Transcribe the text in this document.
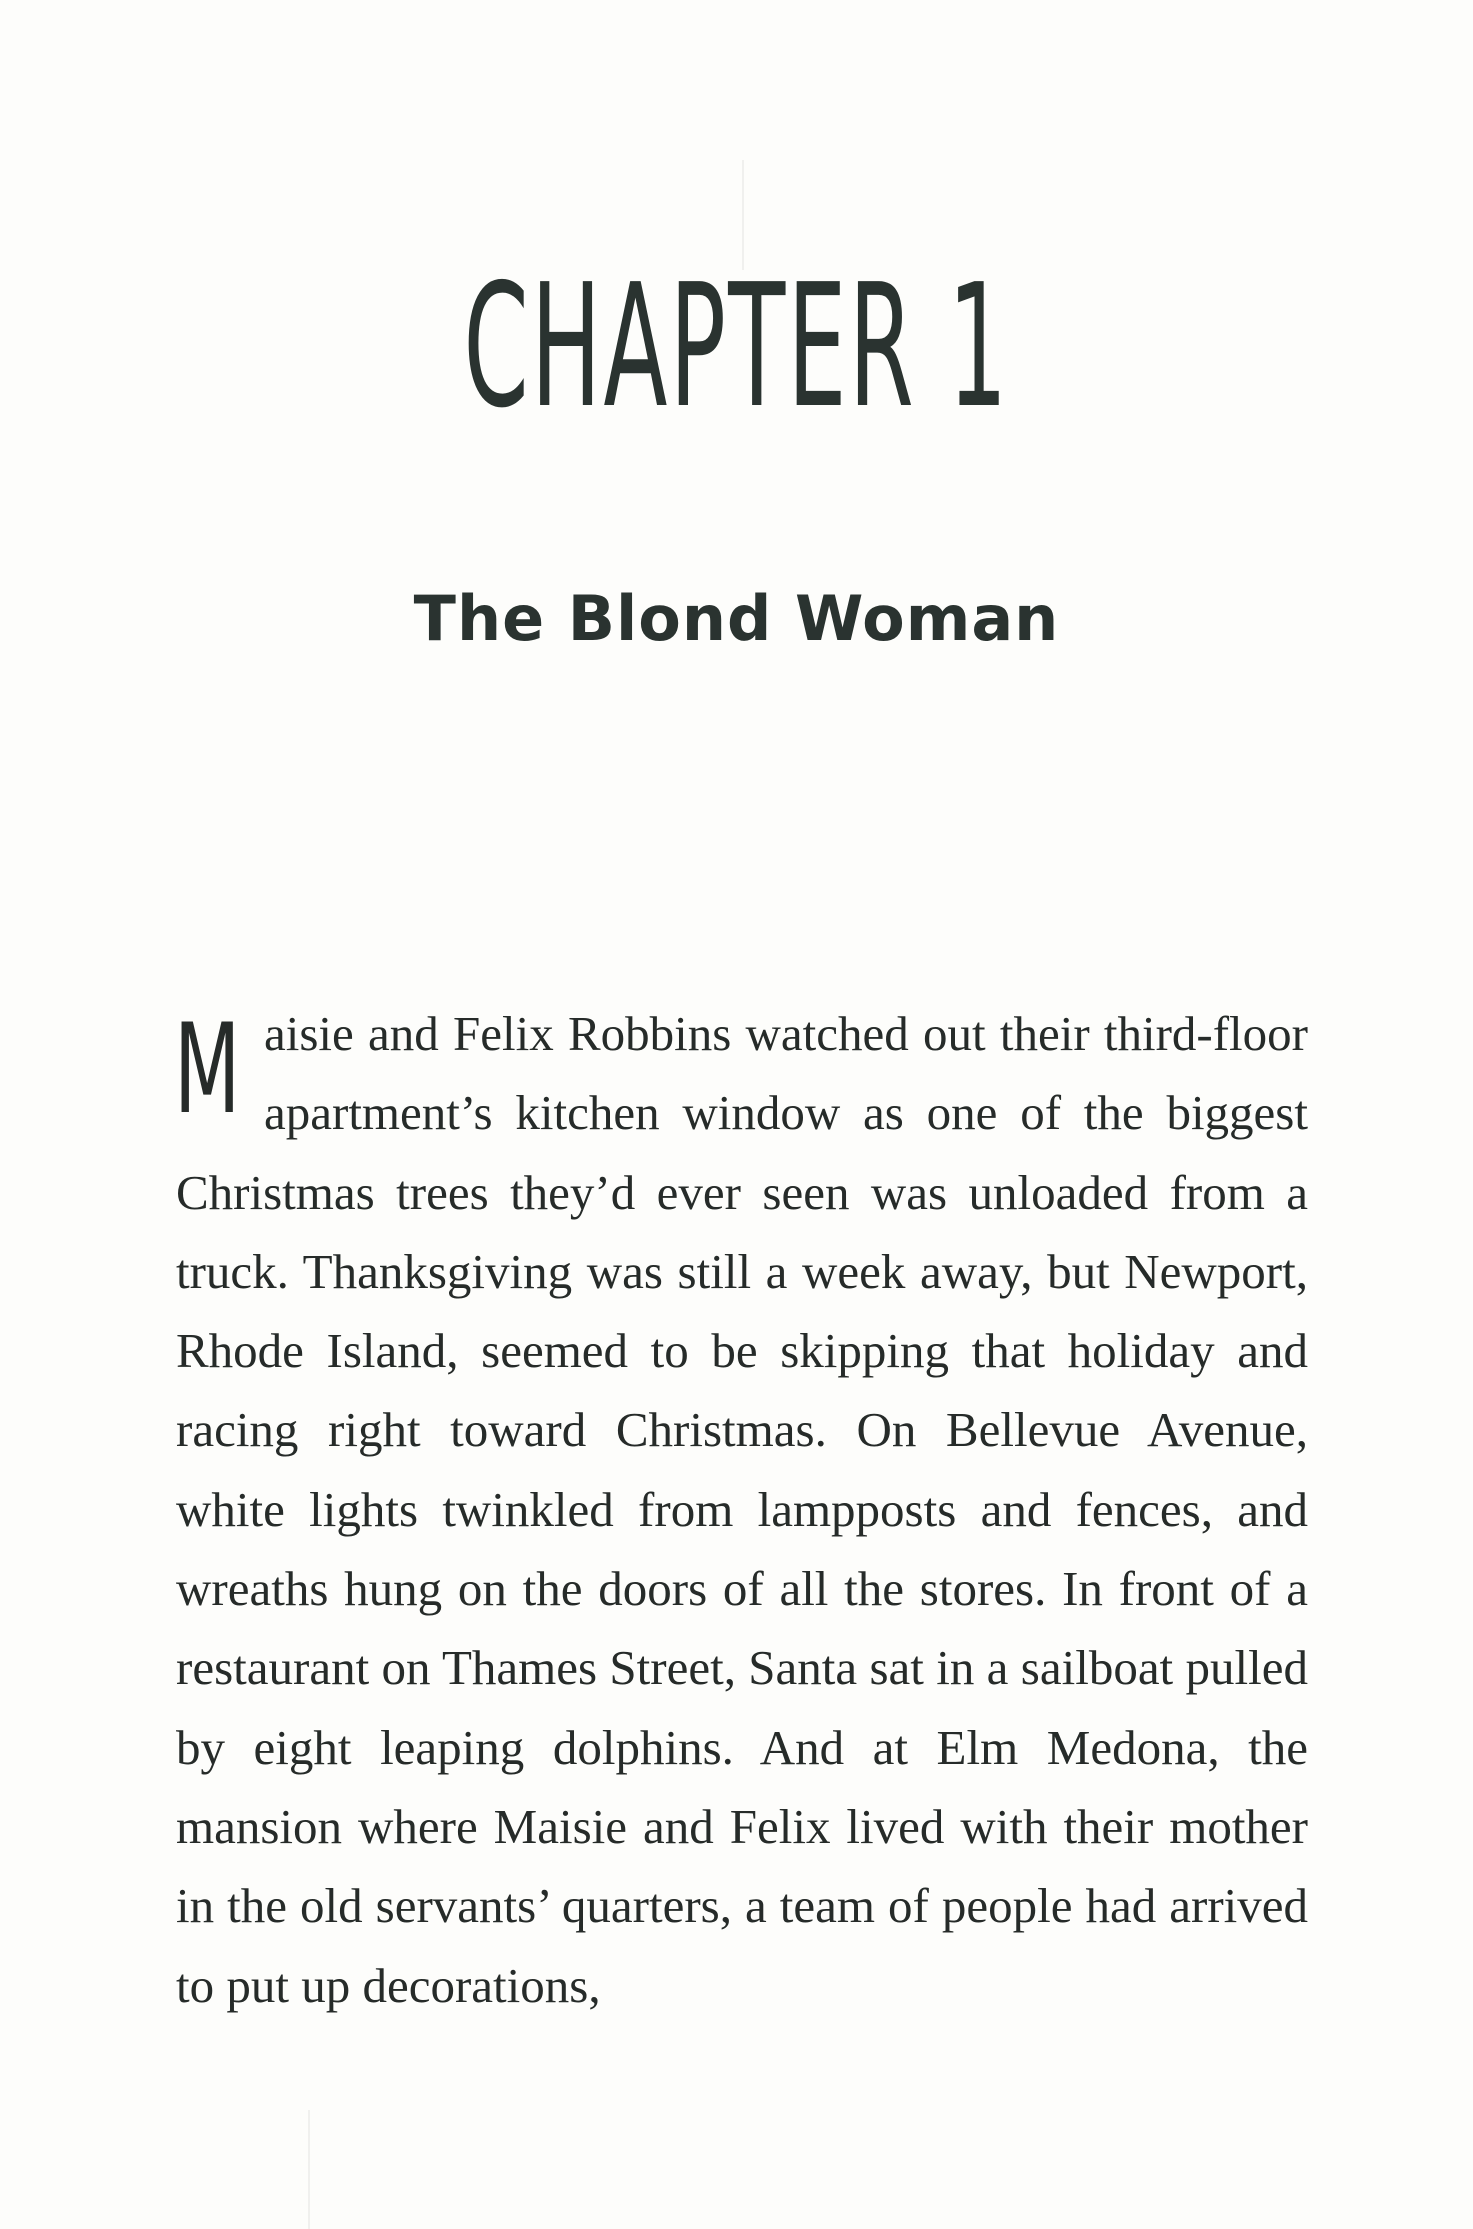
CHAPTER 1
The Blond Woman

Maisie and Felix Robbins watched out their third-floor apartment’s kitchen window as one of the biggest Christmas trees they’d ever seen was unloaded from a truck. Thanksgiving was still a week away, but Newport, Rhode Island, seemed to be skipping that holiday and racing right toward Christmas. On Bellevue Avenue, white lights twinkled from lampposts and fences, and wreaths hung on the doors of all the stores. In front of a restaurant on Thames Street, Santa sat in a sailboat pulled by eight leaping dolphins. And at Elm Medona, the mansion where Maisie and Felix lived with their mother in the old servants’ quarters, a team of people had arrived to put up decorations,
